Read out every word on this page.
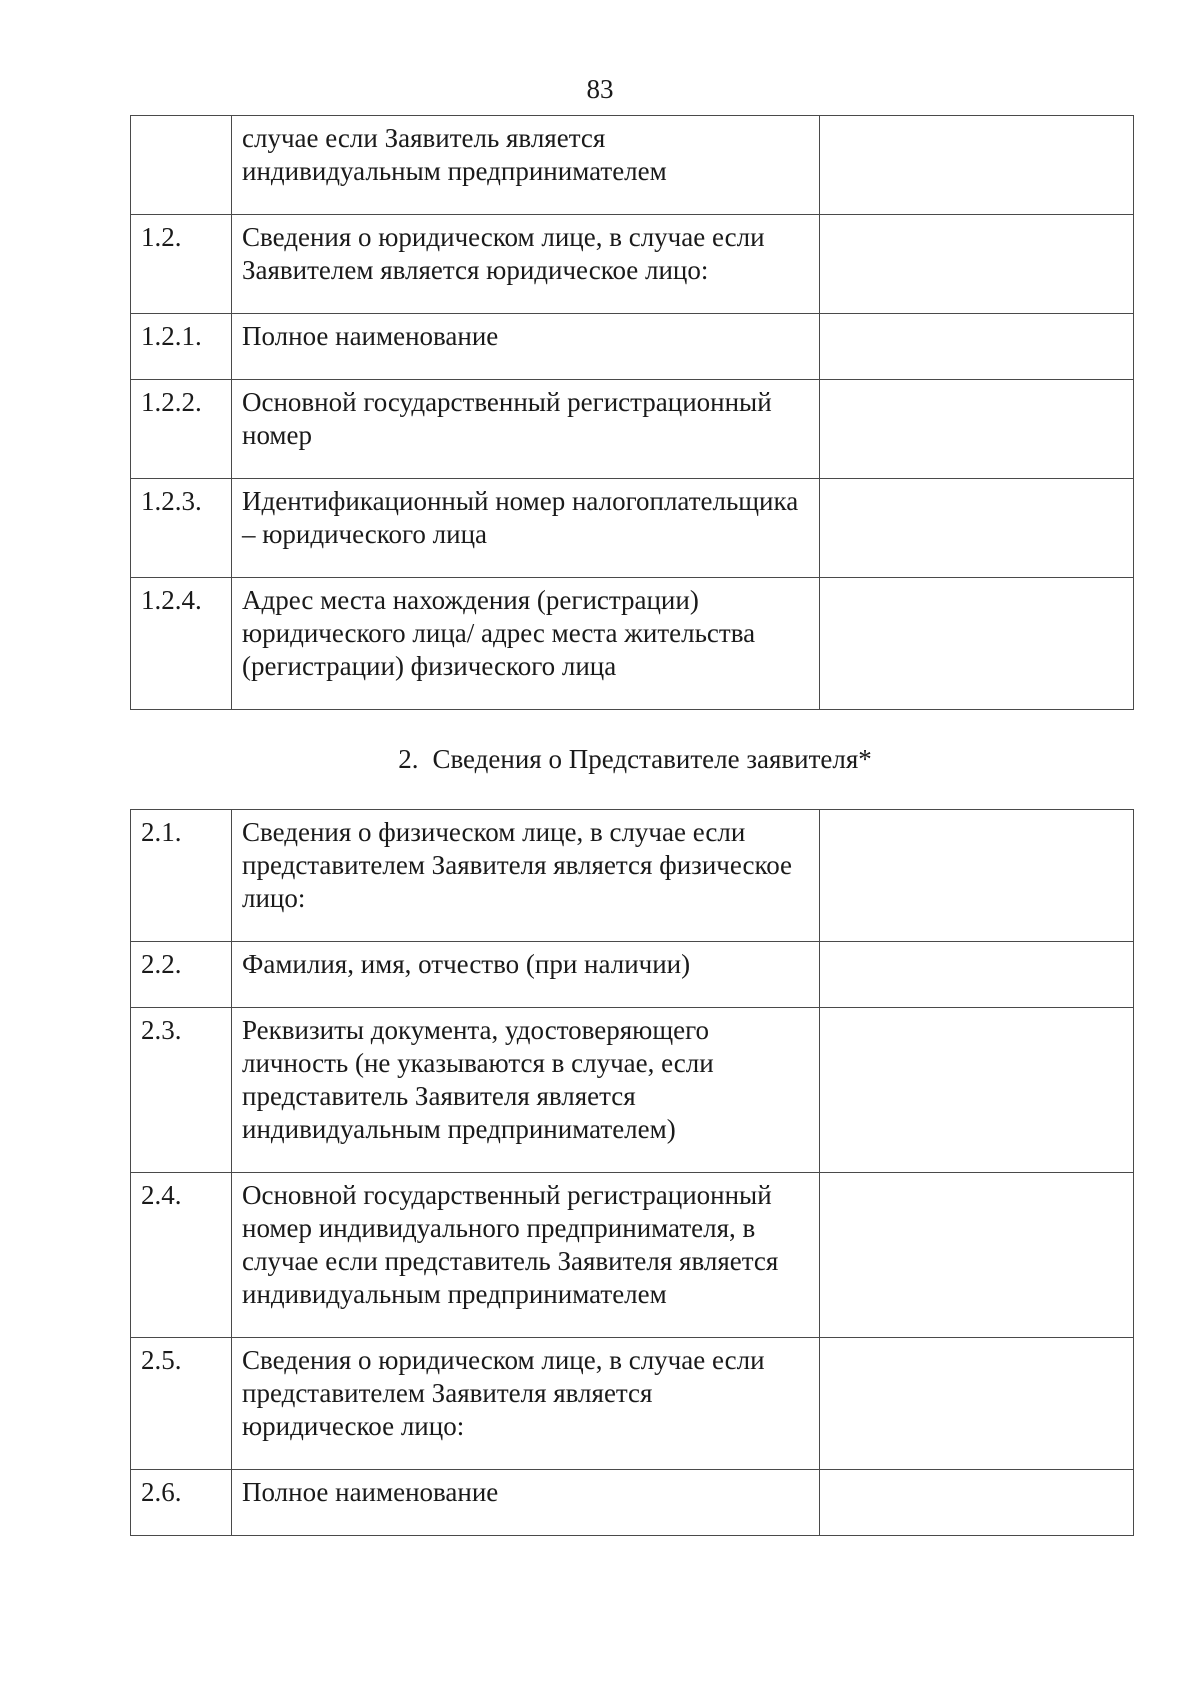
83
	случае если Заявитель является индивидуальным предпринимателем	
1.2.	Сведения о юридическом лице, в случае если Заявителем является юридическое лицо:	
1.2.1.	Полное наименование	
1.2.2.	Основной государственный регистрационный номер	
1.2.3.	Идентификационный номер налогоплательщика – юридического лица	
1.2.4.	Адрес места нахождения (регистрации) юридического лица/ адрес места жительства (регистрации) физического лица	
2. Сведения о Представителе заявителя*
2.1.	Сведения о физическом лице, в случае если представителем Заявителя является физическое лицо:	
2.2.	Фамилия, имя, отчество (при наличии)	
2.3.	Реквизиты документа, удостоверяющего личность (не указываются в случае, если представитель Заявителя является индивидуальным предпринимателем)	
2.4.	Основной государственный регистрационный номер индивидуального предпринимателя, в случае если представитель Заявителя является индивидуальным предпринимателем	
2.5.	Сведения о юридическом лице, в случае если представителем Заявителя является юридическое лицо:	
2.6.	Полное наименование	
